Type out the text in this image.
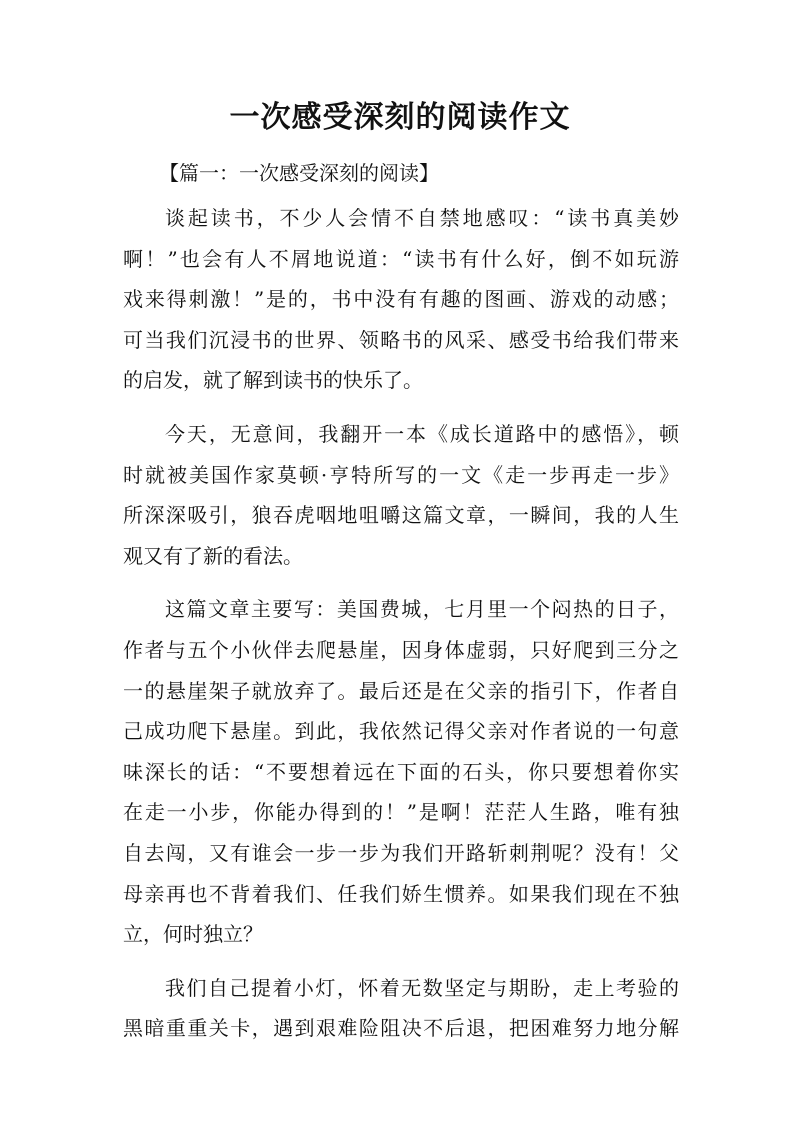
一次感受深刻的阅读作文

【篇一：一次感受深刻的阅读】

谈起读书，不少人会情不自禁地感叹：“读书真美妙
啊！”也会有人不屑地说道：“读书有什么好，倒不如玩游
戏来得刺激！”是的，书中没有有趣的图画、游戏的动感；
可当我们沉浸书的世界、领略书的风采、感受书给我们带来
的启发，就了解到读书的快乐了。
今天，无意间，我翻开一本《成长道路中的感悟》，顿
时就被美国作家莫顿·亨特所写的一文《走一步再走一步》
所深深吸引，狼吞虎咽地咀嚼这篇文章，一瞬间，我的人生
观又有了新的看法。
这篇文章主要写：美国费城，七月里一个闷热的日子，
作者与五个小伙伴去爬悬崖，因身体虚弱，只好爬到三分之
一的悬崖架子就放弃了。最后还是在父亲的指引下，作者自
己成功爬下悬崖。到此，我依然记得父亲对作者说的一句意
味深长的话：“不要想着远在下面的石头，你只要想着你实
在走一小步，你能办得到的！”是啊！茫茫人生路，唯有独
自去闯，又有谁会一步一步为我们开路斩刺荆呢？没有！父
母亲再也不背着我们、任我们娇生惯养。如果我们现在不独
立，何时独立？
我们自己提着小灯，怀着无数坚定与期盼，走上考验的
黑暗重重关卡，遇到艰难险阻决不后退，把困难努力地分解
